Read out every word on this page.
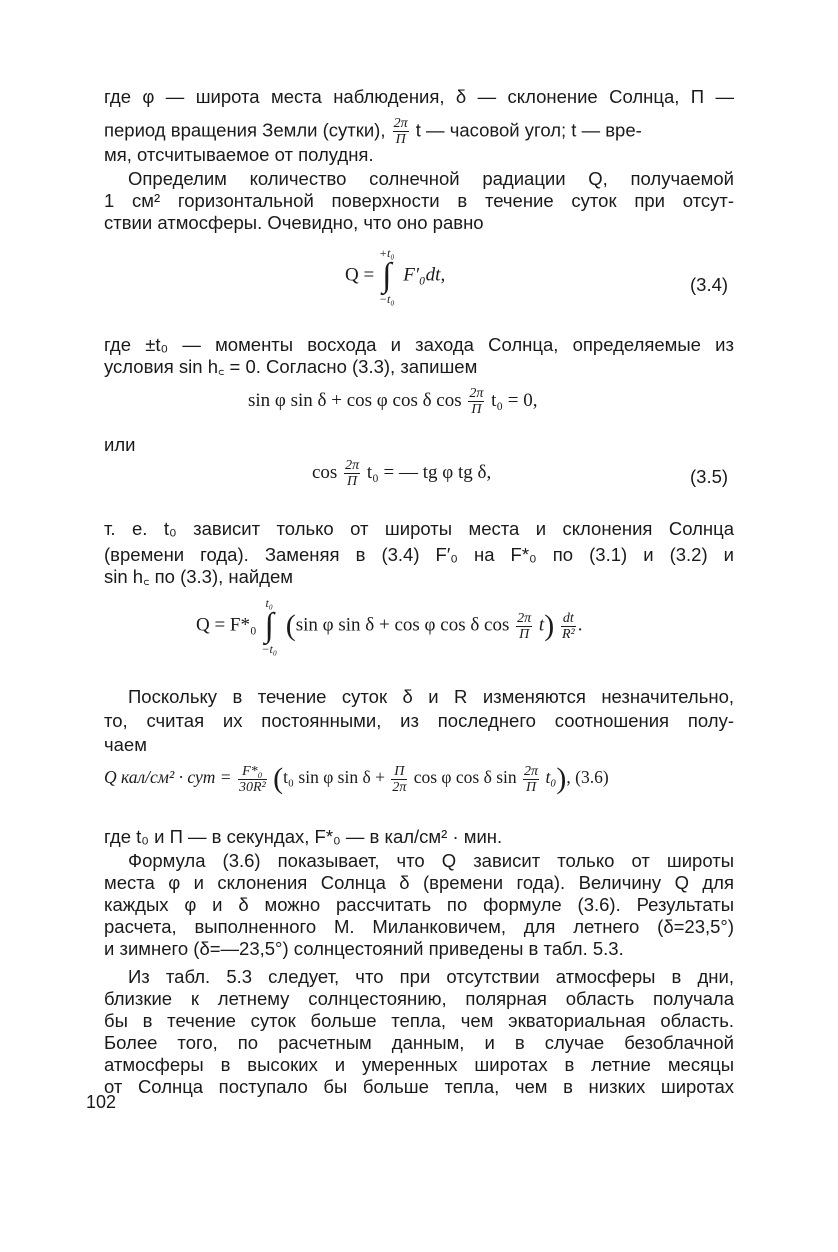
где φ — широта места наблюдения, δ — склонение Солнца, П —
период вращения Земли (сутки), $\frac{2\pi}{П}$ t — часовой угол; t — вре-
мя, отсчитываемое от полудня.
Определим количество солнечной радиации Q, получаемой
1 см² горизонтальной поверхности в течение суток при отсут-
ствии атмосферы. Очевидно, что оно равно
Q =
+t₀
∫
−t₀
F′₀dt,	(3.4)
где ±t₀ — моменты восхода и захода Солнца, определяемые из
условия sin h꜀ = 0. Согласно (3.3), запишем
sin φ sin δ + cos φ cos δ $\cos \frac{2\pi}{П} t_0 = 0$,
или
$\cos \frac{2\pi}{П} t_0$ = — tg φ tg δ,	(3.5)
т. е. t₀ зависит только от широты места и склонения Солнца
(времени года). Заменяя в (3.4) F′₀ на F*₀ по (3.1) и (3.2) и
sin h꜀ по (3.3), найдем
Q = F*₀
t₀
∫
−t₀
(sin φ sin δ + cos φ cos δ $\cos \frac{2\pi}{П} t) \frac{dt}{\text{R²}}$ .
Поскольку в течение суток δ и R изменяются незначительно,
то, считая их постоянными, из последнего соотношения полу-
чаем
Q кал/см² · сут = $\frac{\text{F*₀}}{\text{30R²}} (t_0$ sin φ $\sin \delta + \frac{П}{2\pi}$ cos φ cos δ $\sin \frac{2\pi}{П} t_0$), (3.6)
где t₀ и П — в секундах, F*₀ — в кал/см² · мин.
Формула (3.6) показывает, что Q зависит только от широты
места φ и склонения Солнца δ (времени года). Величину Q для
каждых φ и δ можно рассчитать по формуле (3.6). Результаты
расчета, выполненного М. Миланковичем, для летнего (δ=23,5°)
и зимнего (δ=—23,5°) солнцестояний приведены в табл. 5.3.
Из табл. 5.3 следует, что при отсутствии атмосферы в дни,
близкие к летнему солнцестоянию, полярная область получала
бы в течение суток больше тепла, чем экваториальная область.
Более того, по расчетным данным, и в случае безоблачной
атмосферы в высоких и умеренных широтах в летние месяцы
от Солнца поступало бы больше тепла, чем в низких широтах
102
